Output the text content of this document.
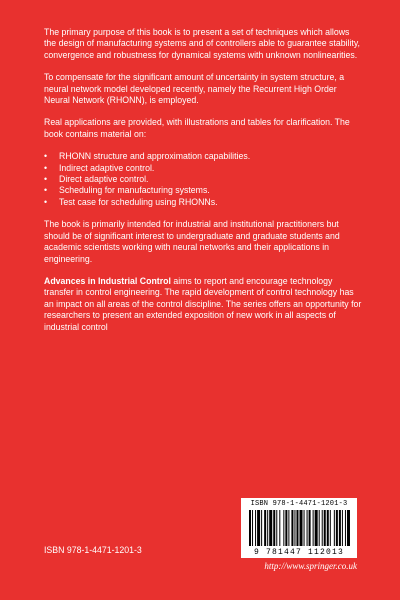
The primary purpose of this book is to present a set of techniques which allows the design of manufacturing systems and of controllers able to guarantee stability, convergence and robustness for dynamical systems with unknown nonlinearities.

To compensate for the significant amount of uncertainty in system structure, a neural network model developed recently, namely the Recurrent High Order Neural Network (RHONN), is employed.

Real applications are provided, with illustrations and tables for clarification. The book contains material on:

• RHONN structure and approximation capabilities.
• Indirect adaptive control.
• Direct adaptive control.
• Scheduling for manufacturing systems.
• Test case for scheduling using RHONNs.

The book is primarily intended for industrial and institutional practitioners but should be of significant interest to undergraduate and graduate students and academic scientists working with neural networks and their applications in engineering.

Advances in Industrial Control aims to report and encourage technology transfer in control engineering. The rapid development of control technology has an impact on all areas of the control discipline. The series offers an opportunity for researchers to present an extended exposition of new work in all aspects of industrial control

ISBN 978-1-4471-1201-3
ISBN 978-1-4471-1201-3
9 781447 112013
http://www.springer.co.uk
